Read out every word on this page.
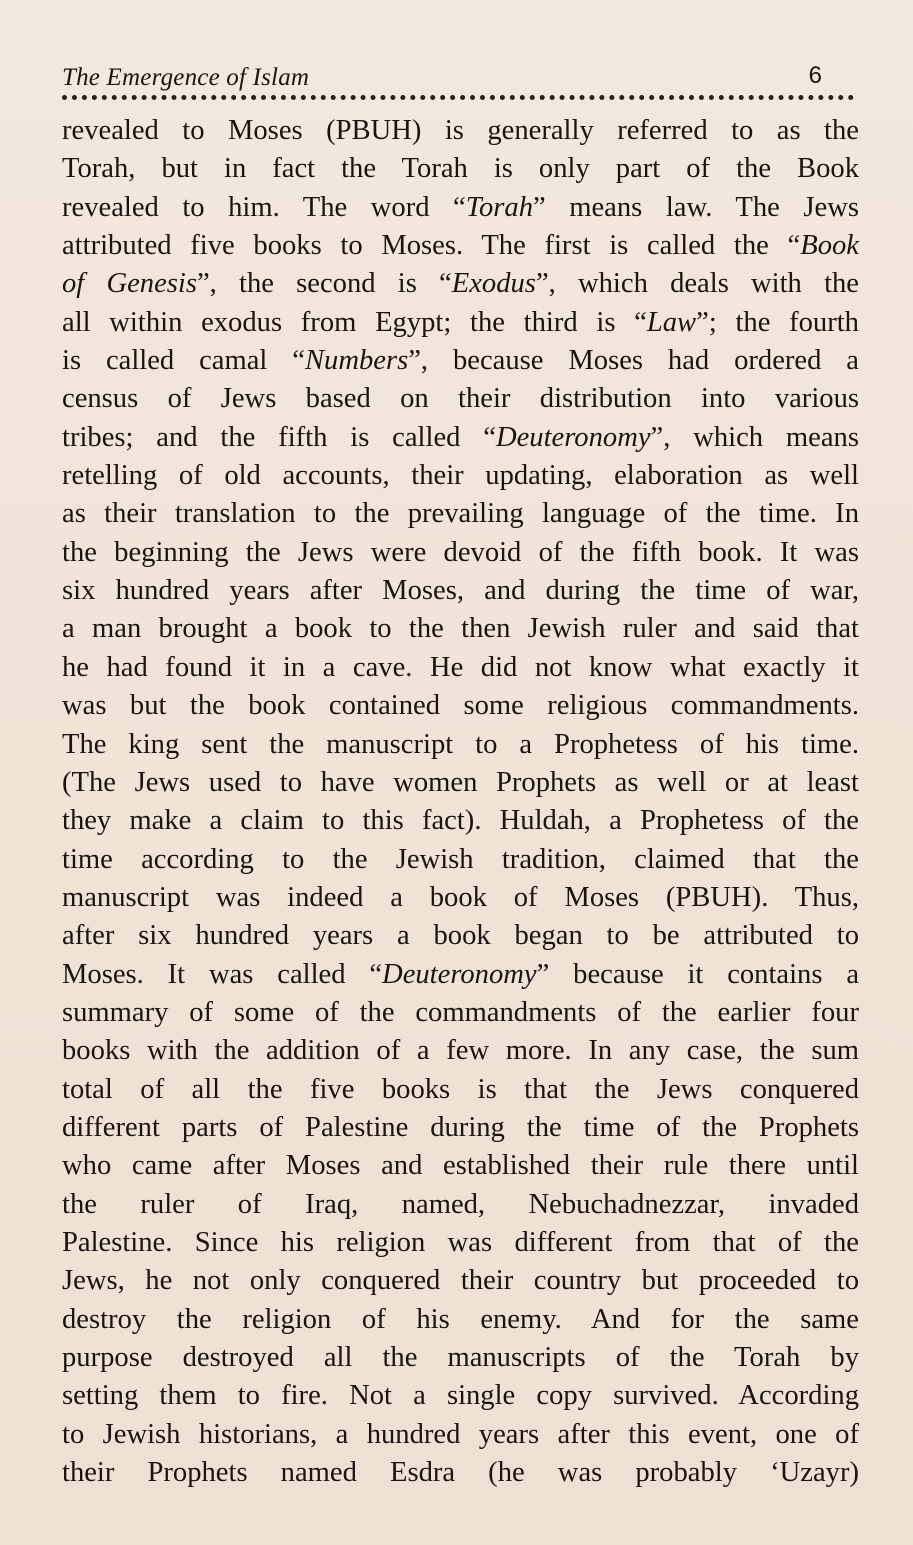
The Emergence of Islam	6
revealed to Moses (PBUH) is generally referred to as the
Torah, but in fact the Torah is only part of the Book
revealed to him. The word “Torah” means law. The Jews
attributed five books to Moses. The first is called the “Book
of Genesis”, the second is “Exodus”, which deals with the
all within exodus from Egypt; the third is “Law”; the fourth
is called camal “Numbers”, because Moses had ordered a
census of Jews based on their distribution into various
tribes; and the fifth is called “Deuteronomy”, which means
retelling of old accounts, their updating, elaboration as well
as their translation to the prevailing language of the time. In
the beginning the Jews were devoid of the fifth book. It was
six hundred years after Moses, and during the time of war,
a man brought a book to the then Jewish ruler and said that
he had found it in a cave. He did not know what exactly it
was but the book contained some religious commandments.
The king sent the manuscript to a Prophetess of his time.
(The Jews used to have women Prophets as well or at least
they make a claim to this fact). Huldah, a Prophetess of the
time according to the Jewish tradition, claimed that the
manuscript was indeed a book of Moses (PBUH). Thus,
after six hundred years a book began to be attributed to
Moses. It was called “Deuteronomy” because it contains a
summary of some of the commandments of the earlier four
books with the addition of a few more. In any case, the sum
total of all the five books is that the Jews conquered
different parts of Palestine during the time of the Prophets
who came after Moses and established their rule there until
the ruler of Iraq, named, Nebuchadnezzar, invaded
Palestine. Since his religion was different from that of the
Jews, he not only conquered their country but proceeded to
destroy the religion of his enemy. And for the same
purpose destroyed all the manuscripts of the Torah by
setting them to fire. Not a single copy survived. According
to Jewish historians, a hundred years after this event, one of
their Prophets named Esdra (he was probably ‘Uzayr)
